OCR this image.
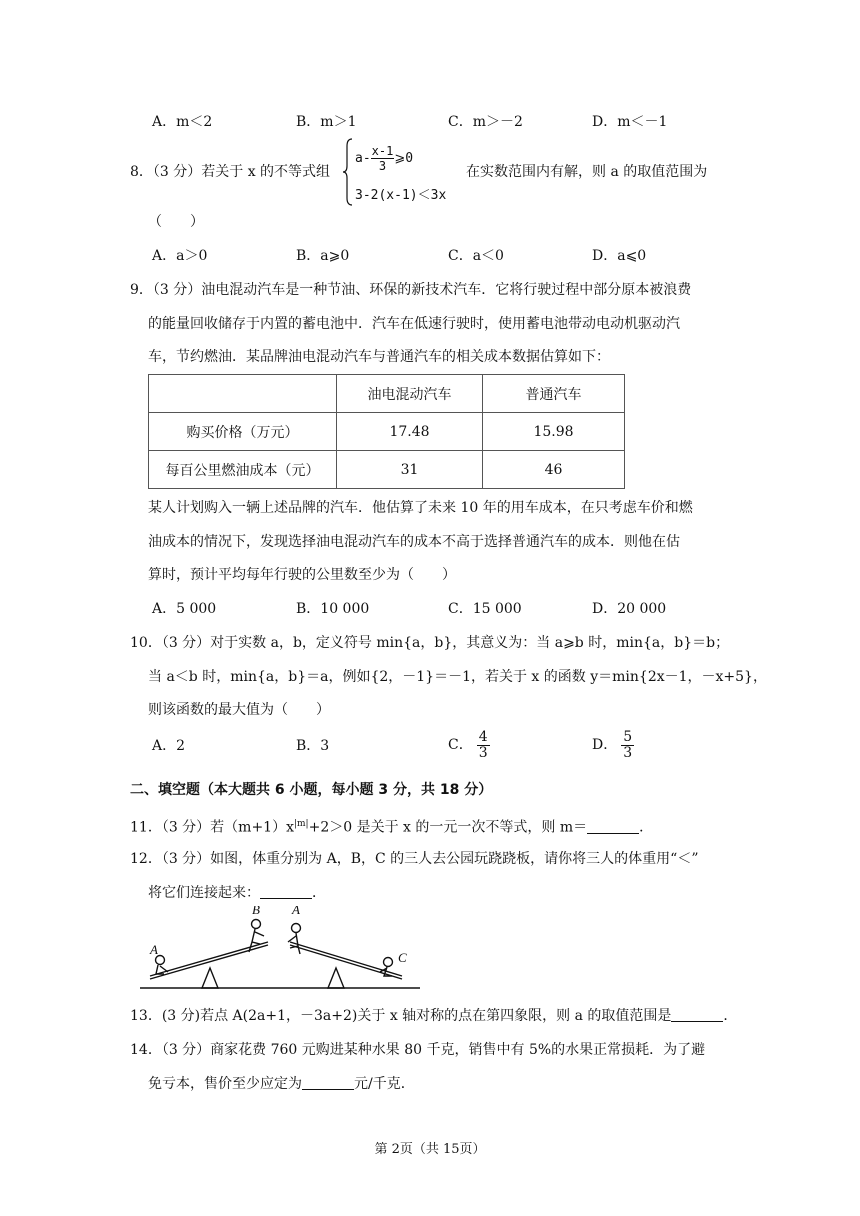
A．m＜2	B．m＞1	C．m＞－2	D．m＜－1
8．（3 分）若关于 x 的不等式组
$a- \frac{x-1}{3}$ ⩾0
3-2(x-1)＜3x
在实数范围内有解，则 a 的取值范围为
（　　）
A．a＞0	B．a⩾0	C．a＜0	D．a⩽0
9．（3 分）油电混动汽车是一种节油、环保的新技术汽车．它将行驶过程中部分原本被浪费
的能量回收储存于内置的蓄电池中．汽车在低速行驶时，使用蓄电池带动电动机驱动汽
车，节约燃油．某品牌油电混动汽车与普通汽车的相关成本数据估算如下：
	油电混动汽车	普通汽车
购买价格（万元）	17.48	15.98
每百公里燃油成本（元）	31	46
某人计划购入一辆上述品牌的汽车．他估算了未来 10 年的用车成本，在只考虑车价和燃
油成本的情况下，发现选择油电混动汽车的成本不高于选择普通汽车的成本．则他在估
算时，预计平均每年行驶的公里数至少为（　　）
A．5 000	B．10 000	C．15 000	D．20 000
10．（3 分）对于实数 a，b，定义符号 min{a，b}，其意义为：当 a⩾b 时，min{a，b}＝b；
当 a＜b 时，min{a，b}＝a，例如{2，－1}＝－1，若关于 x 的函数 y＝min{2x－1，－x+5}，
则该函数的最大值为（　　）
A．2	B．3	C． $\frac{4}{3}$	D． $\frac{5}{3}$
二、填空题（本大题共 6 小题，每小题 3 分，共 18 分）
11．（3 分）若$(m+1)x^{|m|}+2>0$ 是关于 x 的一元一次不等式，则 m＝	．
12．（3 分）如图，体重分别为 A，B，C 的三人去公园玩跷跷板，请你将三人的体重用“＜”
将它们连接起来：	．
A
B A
C
13．(3 分)若点 A(2a+1，－3a+2)关于 x 轴对称的点在第四象限，则 a 的取值范围是	．
14．（3 分）商家花费 760 元购进某种水果 80 千克，销售中有 5%的水果正常损耗．为了避
免亏本，售价至少应定为	元/千克．
第 2页（共 15页）
